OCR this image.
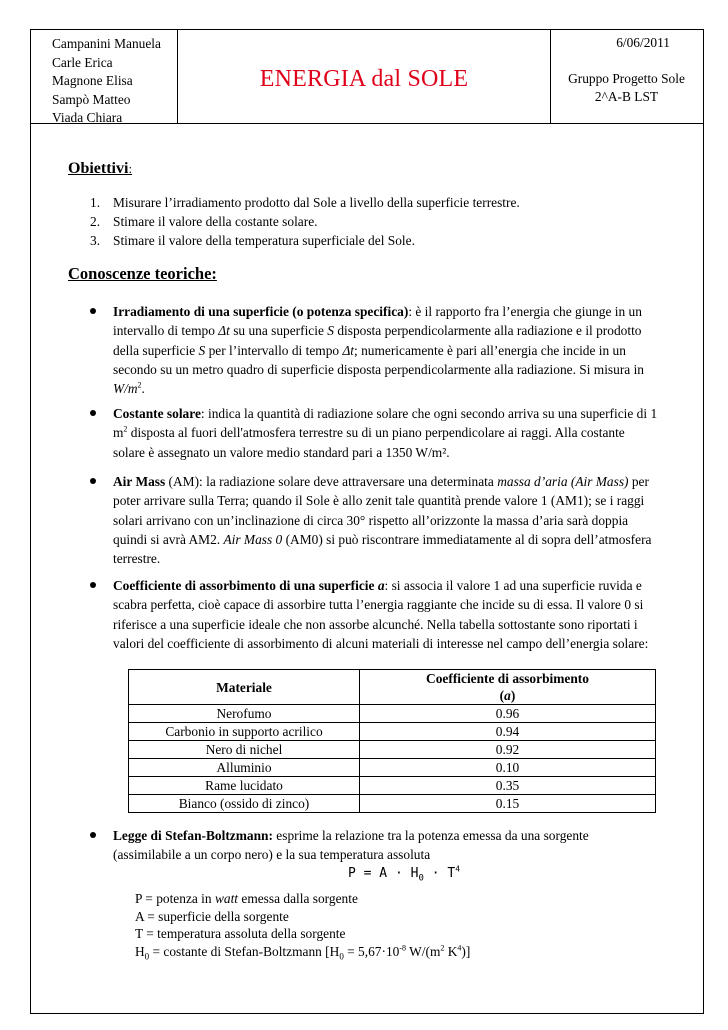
Campanini Manuela
Carle Erica
Magnone Elisa
Sampò Matteo
Viada Chiara
ENERGIA dal SOLE
6/06/2011
Gruppo Progetto Sole
2^A-B LST
Obiettivi:
1. Misurare l’irradiamento prodotto dal Sole a livello della superficie terrestre.
2. Stimare il valore della costante solare.
3. Stimare il valore della temperatura superficiale del Sole.
Conoscenze teoriche:
Irradiamento di una superficie (o potenza specifica): è il rapporto fra l’energia che giunge in un intervallo di tempo Δt su una superficie S disposta perpendicolarmente alla radiazione e il prodotto della superficie S per l’intervallo di tempo Δt; numericamente è pari all’energia che incide in un secondo su un metro quadro di superficie disposta perpendicolarmente alla radiazione. Si misura in $W/m^2$.
Costante solare: indica la quantità di radiazione solare che ogni secondo arriva su una superficie di 1 $m^2$ disposta al fuori dell'atmosfera terrestre su di un piano perpendicolare ai raggi. Alla costante solare è assegnato un valore medio standard pari a 1350 W/m².
Air Mass (AM): la radiazione solare deve attraversare una determinata massa d’aria (Air Mass) per poter arrivare sulla Terra; quando il Sole è allo zenit tale quantità prende valore 1 (AM1); se i raggi solari arrivano con un’inclinazione di circa 30° rispetto all’orizzonte la massa d’aria sarà doppia quindi si avrà AM2. Air Mass 0 (AM0) si può riscontrare immediatamente al di sopra dell’atmosfera terrestre.
Coefficiente di assorbimento di una superficie a: si associa il valore 1 ad una superficie ruvida e scabra perfetta, cioè capace di assorbire tutta l’energia raggiante che incide su di essa. Il valore 0 si riferisce a una superficie ideale che non assorbe alcunché. Nella tabella sottostante sono riportati i valori del coefficiente di assorbimento di alcuni materiali di interesse nel campo dell’energia solare:
Materiale	Coefficiente di assorbimento
(a)
Nerofumo	0.96
Carbonio in supporto acrilico	0.94
Nero di nichel	0.92
Alluminio	0.10
Rame lucidato	0.35
Bianco (ossido di zinco)	0.15
Legge di Stefan-Boltzmann: esprime la relazione tra la potenza emessa da una sorgente (assimilabile a un corpo nero) e la sua temperatura assoluta
$P = A \cdot H_0 \cdot T^4$
P = potenza in watt emessa dalla sorgente
A = superficie della sorgente
T = temperatura assoluta della sorgente
$H_0$ = costante di Stefan-Boltzmann [$H_0 = 5,67\cdot 10^{-8}$ $W/(m^2$ $K^4$)]
